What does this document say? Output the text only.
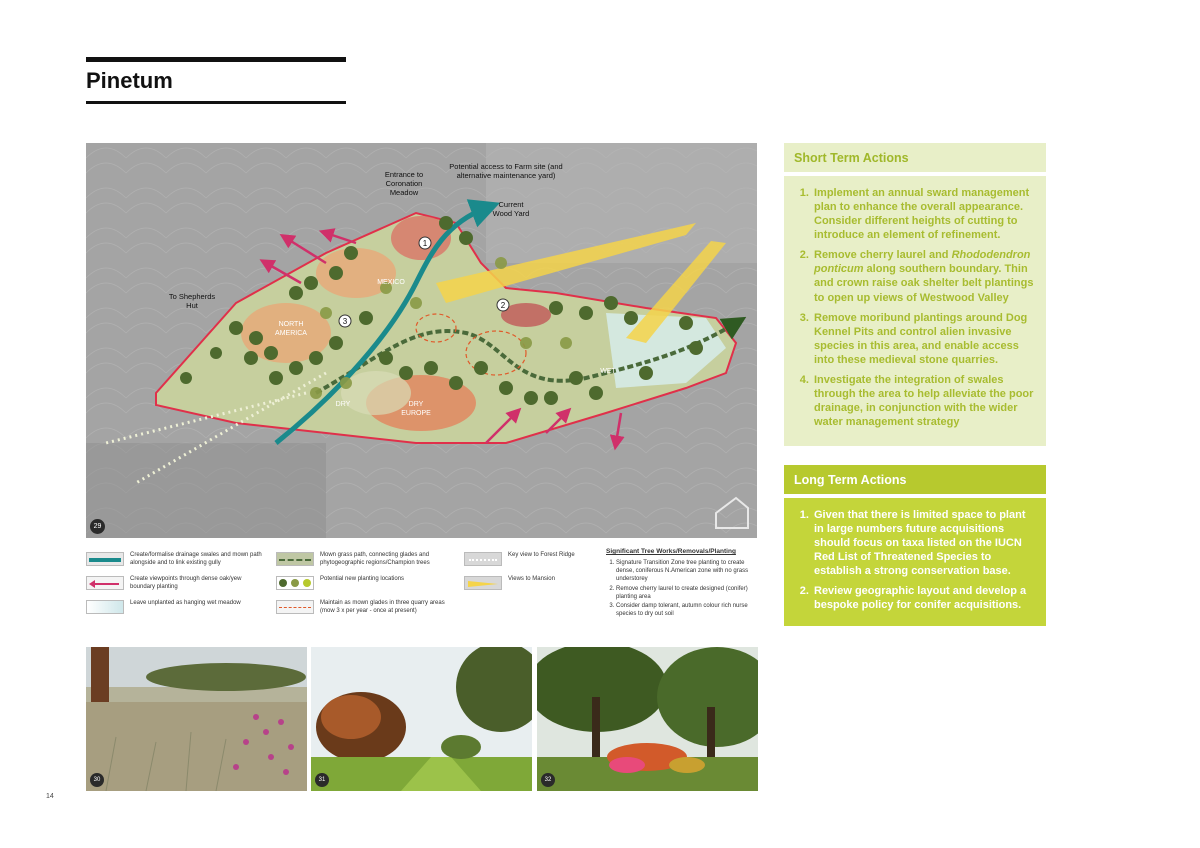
Pinetum
1
2
3
Entrance to
Coronation
Meadow
Potential access to Farm site (and
alternative maintenance yard)
Current
Wood Yard
To Shepherds
Hut
MEXICO
NORTH
AMERICA
DRY	DRY
EUROPE
WET
29
Create/formalise drainage swales and mown path alongside and to link existing gully
Create viewpoints through dense oak/yew boundary planting
Leave unplanted as hanging wet meadow
Mown grass path, connecting glades and phytogeographic regions/Champion trees
Potential new planting locations
Maintain as mown glades in three quarry areas (mow 3 x per year - once at present)
Key view to Forest Ridge
Views to Mansion
Significant Tree Works/Removals/Planting
1. Signature Transition Zone tree planting to create dense, coniferous N.American zone with no grass understorey
2. Remove cherry laurel to create designed (conifer) planting area
3. Consider damp tolerant, autumn colour rich nurse species to dry out soil
30	31	32
Short Term Actions
1. Implement an annual sward management plan to enhance the overall appearance. Consider different heights of cutting to introduce an element of refinement.
2. Remove cherry laurel and Rhododendron ponticum along southern boundary. Thin and crown raise oak shelter belt plantings to open up views of Westwood Valley
3. Remove moribund plantings around Dog Kennel Pits and control alien invasive species in this area, and enable access into these medieval stone quarries.
4. Investigate the integration of swales through the area to help alleviate the poor drainage, in conjunction with the wider water management strategy
Long Term Actions
1. Given that there is limited space to plant in large numbers future acquisitions should focus on taxa listed on the IUCN Red List of Threatened Species to establish a strong conservation base.
2. Review geographic layout and develop a bespoke policy for conifer acquisitions.
14
